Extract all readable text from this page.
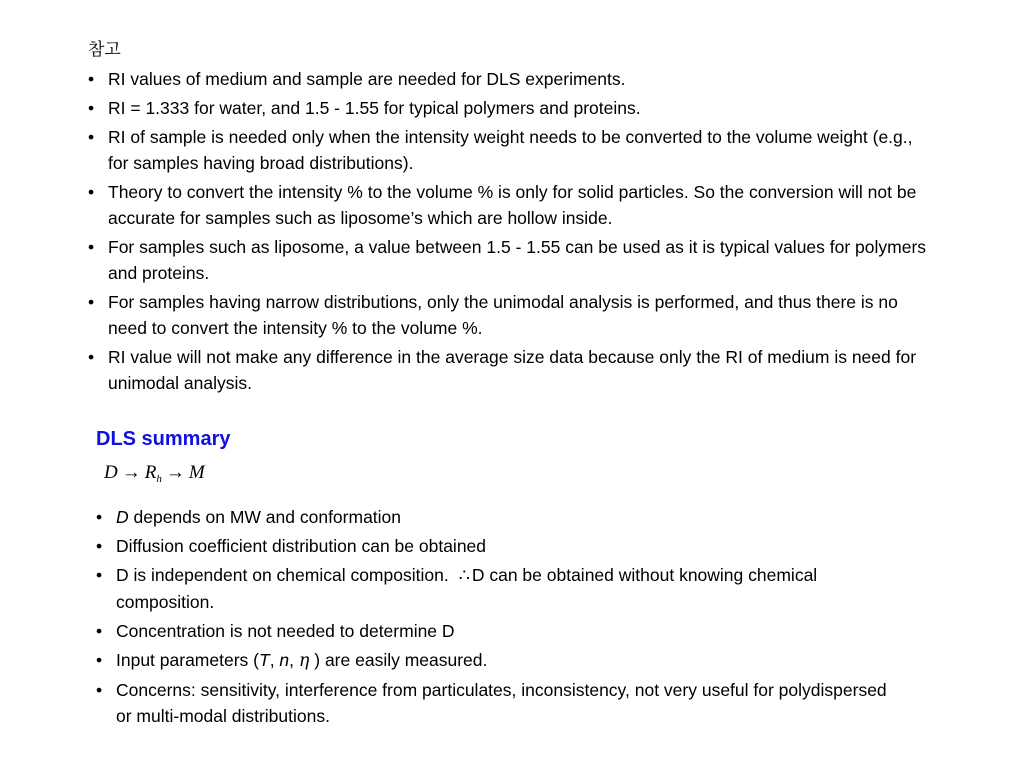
참고
• RI values of medium and sample are needed for DLS experiments.
• RI = 1.333 for water, and 1.5 - 1.55 for typical polymers and proteins.
• RI of sample is needed only when the intensity weight needs to be converted to the volume weight (e.g., for samples having broad distributions).
• Theory to convert the intensity % to the volume % is only for solid particles. So the conversion will not be accurate for samples such as liposome’s which are hollow inside.
• For samples such as liposome, a value between 1.5 - 1.55 can be used as it is typical values for polymers and proteins.
• For samples having narrow distributions, only the unimodal analysis is performed, and thus there is no need to convert the intensity % to the volume %.
• RI value will not make any difference in the average size data because only the RI of medium is need for unimodal analysis.
DLS summary
$D \to R_h \to M$
• D depends on MW and conformation
• Diffusion coefficient distribution can be obtained
• D is independent on chemical composition. ∴ D can be obtained without knowing chemical composition.
• Concentration is not needed to determine D
• Input parameters (T, n, η ) are easily measured.
• Concerns: sensitivity, interference from particulates, inconsistency, not very useful for polydispersed or multi-modal distributions.
